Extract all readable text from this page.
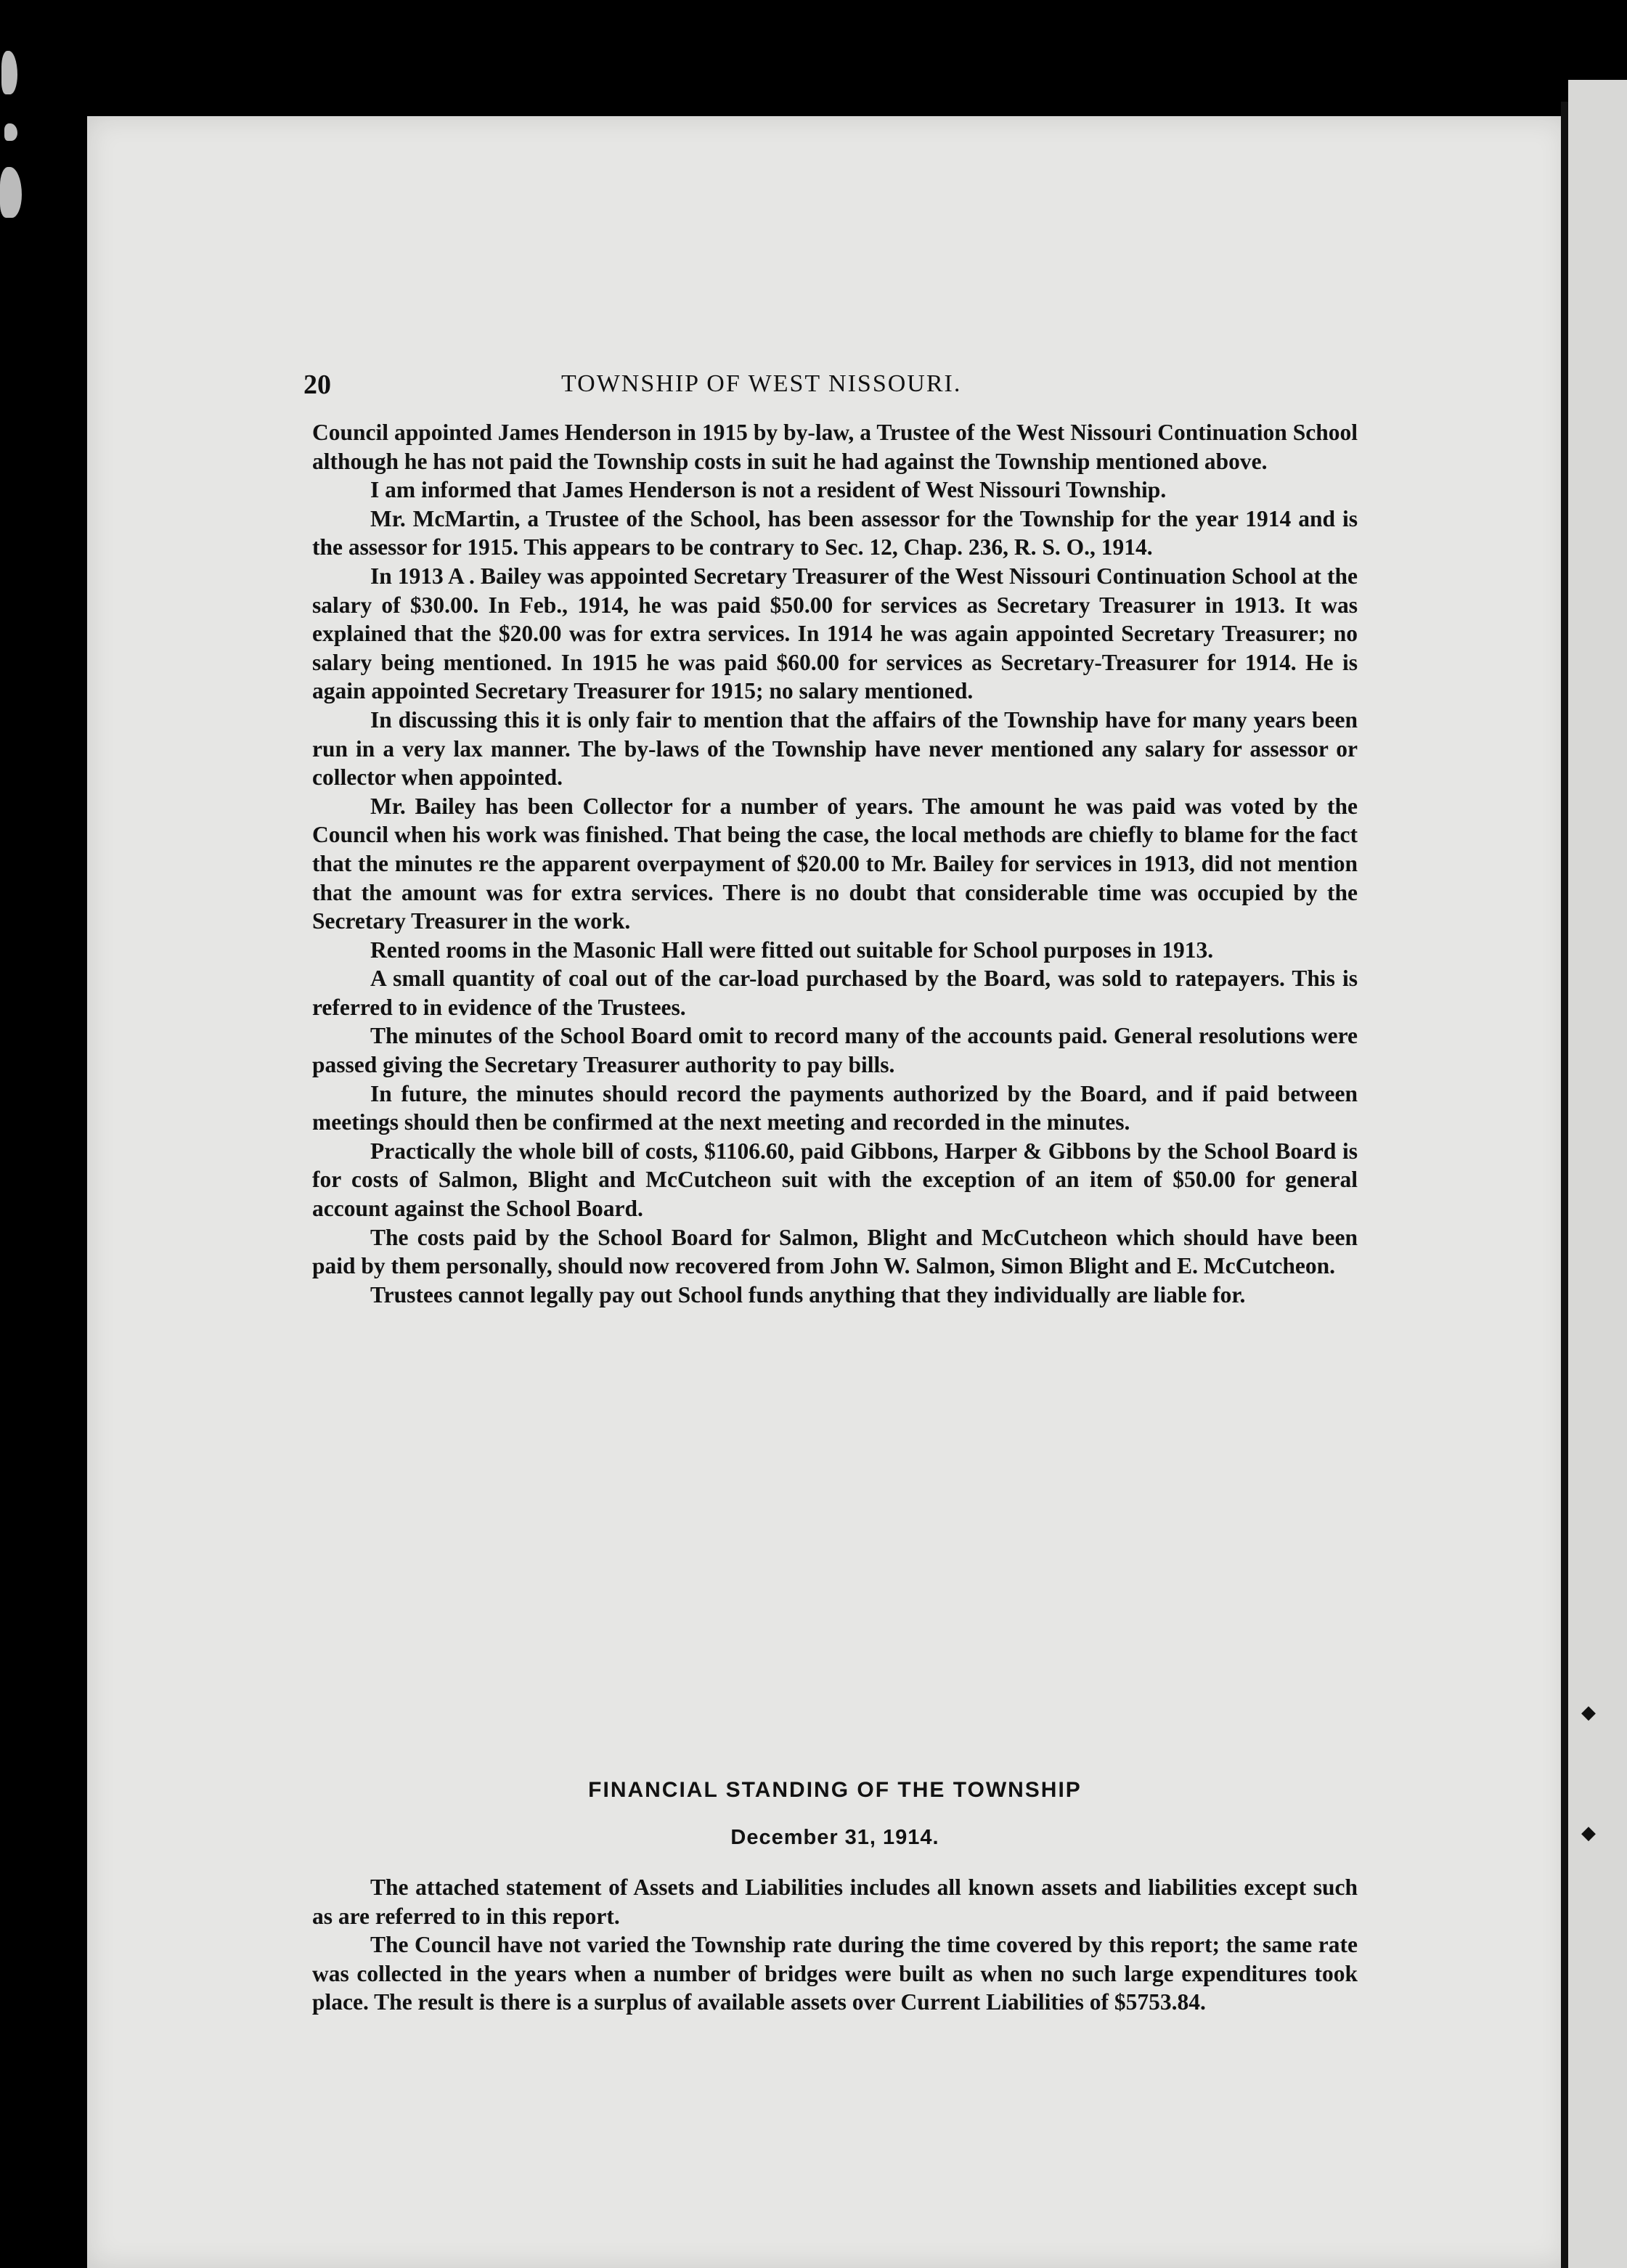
◆
◆
20	TOWNSHIP OF WEST NISSOURI.

Council appointed James Henderson in 1915 by by-law, a Trustee of the West Nissouri Continuation School although he has not paid the Township costs in suit he had against the Township mentioned above.

I am informed that James Henderson is not a resident of West Nissouri Township.

Mr. McMartin, a Trustee of the School, has been assessor for the Township for the year 1914 and is the assessor for 1915. This appears to be contrary to Sec. 12, Chap. 236, R. S. O., 1914.

In 1913 A . Bailey was appointed Secretary Treasurer of the West Nissouri Continuation School at the salary of $30.00. In Feb., 1914, he was paid $50.00 for services as Secretary Treasurer in 1913. It was explained that the $20.00 was for extra services. In 1914 he was again appointed Secretary Treasurer; no salary being mentioned. In 1915 he was paid $60.00 for services as Secretary-Treasurer for 1914. He is again appointed Secretary Treasurer for 1915; no salary mentioned.

In discussing this it is only fair to mention that the affairs of the Township have for many years been run in a very lax manner. The by-laws of the Township have never mentioned any salary for assessor or collector when appointed.

Mr. Bailey has been Collector for a number of years. The amount he was paid was voted by the Council when his work was finished. That being the case, the local methods are chiefly to blame for the fact that the minutes re the apparent overpayment of $20.00 to Mr. Bailey for services in 1913, did not mention that the amount was for extra services. There is no doubt that considerable time was occupied by the Secretary Treasurer in the work.

Rented rooms in the Masonic Hall were fitted out suitable for School purposes in 1913.

A small quantity of coal out of the car-load purchased by the Board, was sold to ratepayers. This is referred to in evidence of the Trustees.

The minutes of the School Board omit to record many of the accounts paid. General resolutions were passed giving the Secretary Treasurer authority to pay bills.

In future, the minutes should record the payments authorized by the Board, and if paid between meetings should then be confirmed at the next meeting and recorded in the minutes.

Practically the whole bill of costs, $1106.60, paid Gibbons, Harper & Gibbons by the School Board is for costs of Salmon, Blight and McCutcheon suit with the exception of an item of $50.00 for general account against the School Board.

The costs paid by the School Board for Salmon, Blight and McCutcheon which should have been paid by them personally, should now recovered from John W. Salmon, Simon Blight and E. McCutcheon.

Trustees cannot legally pay out School funds anything that they individually are liable for.

FINANCIAL STANDING OF THE TOWNSHIP
December 31, 1914.

The attached statement of Assets and Liabilities includes all known assets and liabilities except such as are referred to in this report.

The Council have not varied the Township rate during the time covered by this report; the same rate was collected in the years when a number of bridges were built as when no such large expenditures took place. The result is there is a surplus of available assets over Current Liabilities of $5753.84.
